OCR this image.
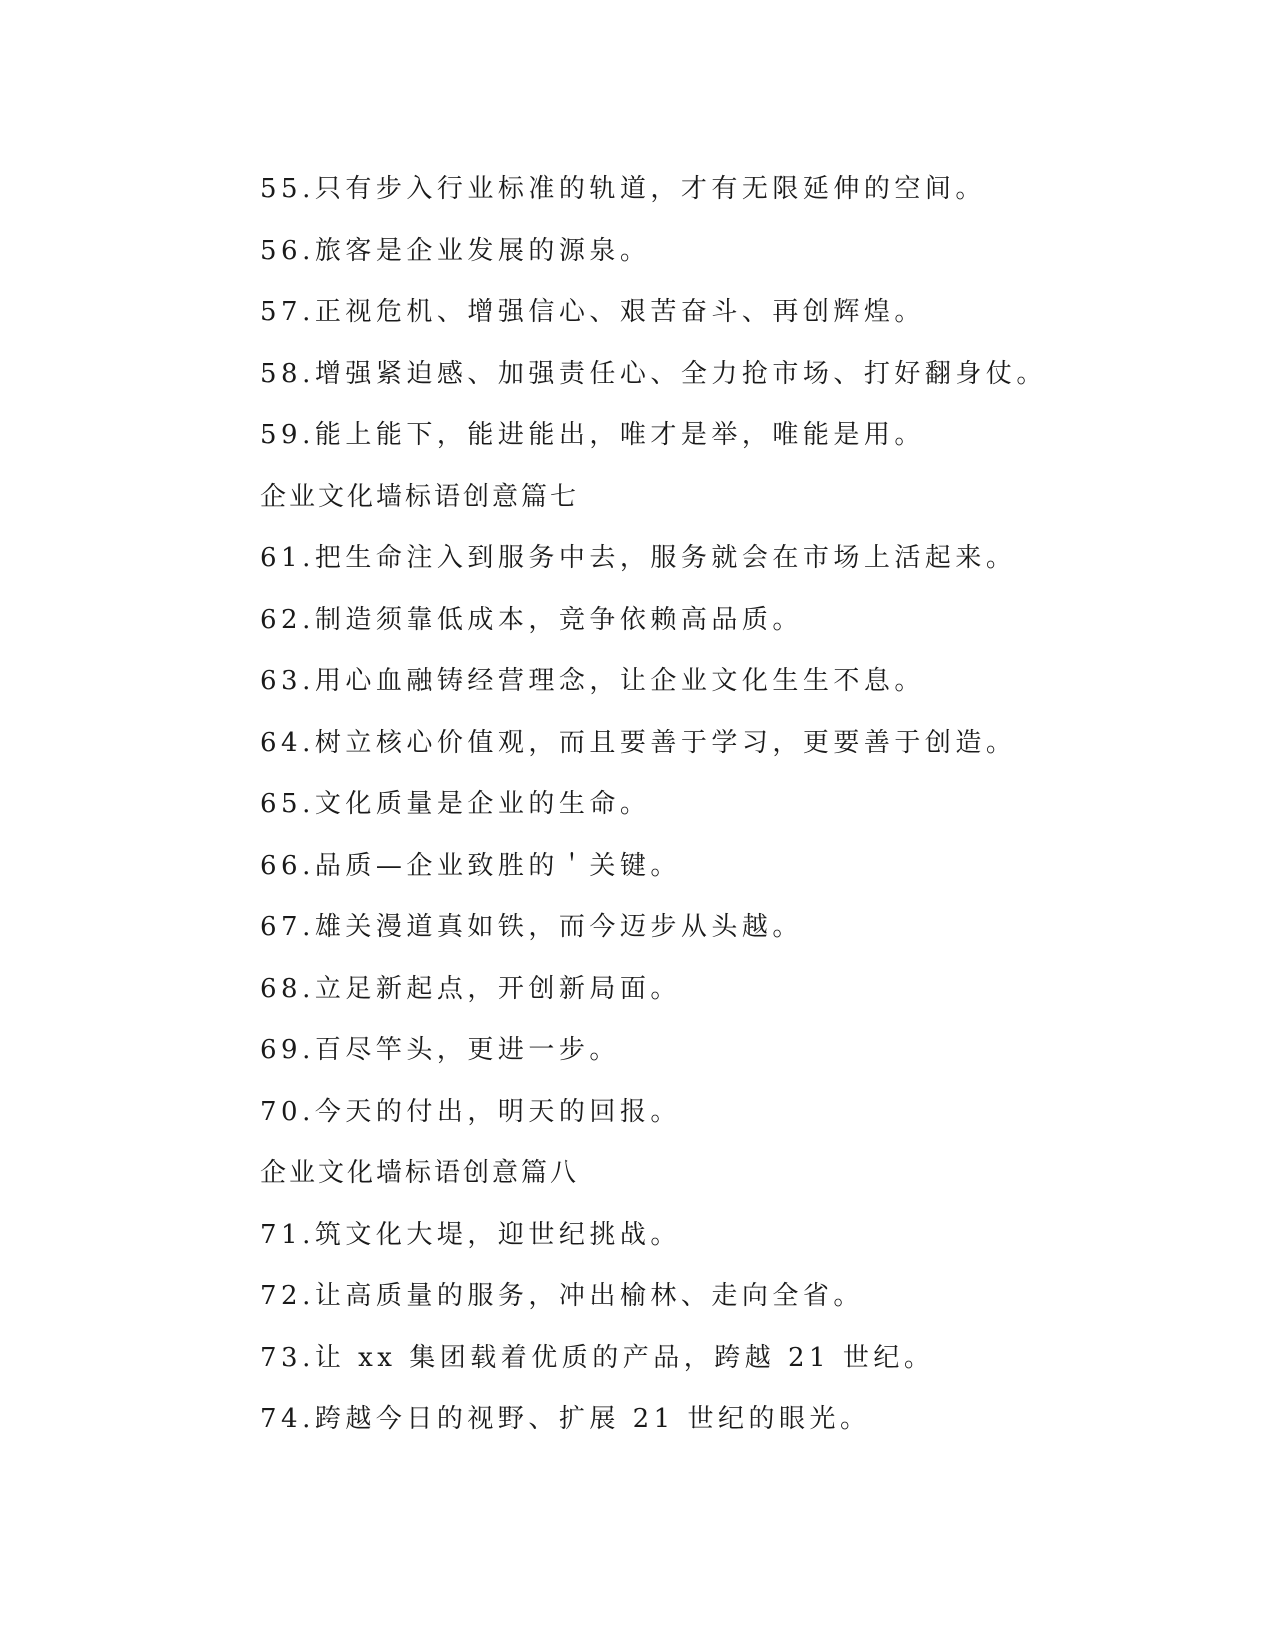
55.只有步入行业标准的轨道，才有无限延伸的空间。
56.旅客是企业发展的源泉。
57.正视危机、增强信心、艰苦奋斗、再创辉煌。
58.增强紧迫感、加强责任心、全力抢市场、打好翻身仗。
59.能上能下，能进能出，唯才是举，唯能是用。
企业文化墙标语创意篇七
61.把生命注入到服务中去，服务就会在市场上活起来。
62.制造须靠低成本，竞争依赖高品质。
63.用心血融铸经营理念，让企业文化生生不息。
64.树立核心价值观，而且要善于学习，更要善于创造。
65.文化质量是企业的生命。
66.品质—企业致胜的＇关键。
67.雄关漫道真如铁，而今迈步从头越。
68.立足新起点，开创新局面。
69.百尽竿头，更进一步。
70.今天的付出，明天的回报。
企业文化墙标语创意篇八
71.筑文化大堤，迎世纪挑战。
72.让高质量的服务，冲出榆林、走向全省。
73.让 xx 集团载着优质的产品，跨越 21 世纪。
74.跨越今日的视野、扩展 21 世纪的眼光。
